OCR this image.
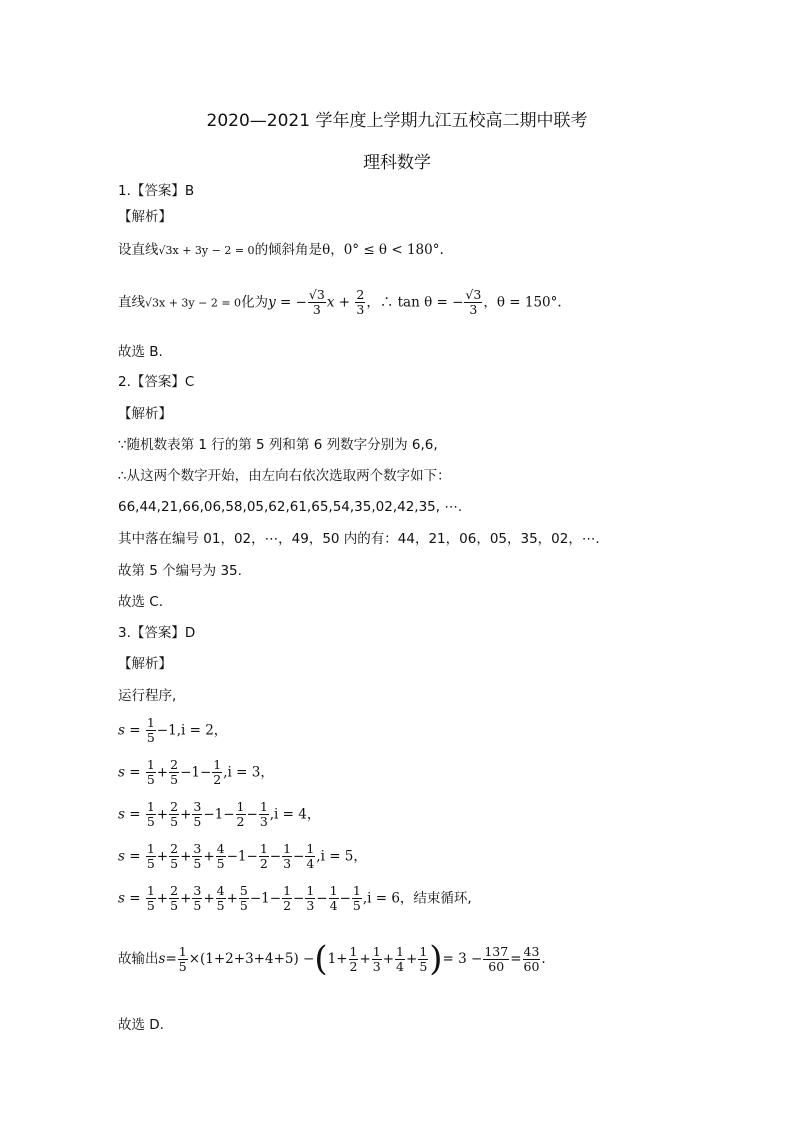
2020—2021 学年度上学期九江五校高二期中联考
理科数学
1.【答案】B
【解析】
设直线√3x + 3y − 2 = 0的倾斜角是θ，0° ≤ θ < 180°.
直线√3x + 3y − 2 = 0化为y = − $\frac{√3}{3}$ $x + \frac{2}{3}$ ，∴ tan θ = − $\frac{√3}{3}$ ，θ = 150°.
故选 B.
2.【答案】C
【解析】
∵随机数表第 1 行的第 5 列和第 6 列数字分别为 6,6,
∴从这两个数字开始，由左向右依次选取两个数字如下：
66,44,21,66,06,58,05,62,61,65,54,35,02,42,35, ⋯.
其中落在编号 01，02，⋯，49，50 内的有：44，21，06，05，35，02，⋯.
故第 5 个编号为 35.
故选 C.
3.【答案】D
【解析】
运行程序,
$s = \frac{1}{5} -1,i = 2$，
$s = \frac{1}{5} + \frac{2}{5} -1- \frac{1}{2} ,i = 3$，
$s = \frac{1}{5} + \frac{2}{5} + \frac{3}{5} -1- \frac{1}{2} - \frac{1}{3} ,i = 4$，
$s = \frac{1}{5} + \frac{2}{5} + \frac{3}{5} + \frac{4}{5} -1- \frac{1}{2} - \frac{1}{3} - \frac{1}{4} ,i = 5$，
$s = \frac{1}{5} + \frac{2}{5} + \frac{3}{5} + \frac{4}{5} + \frac{5}{5} -1- \frac{1}{2} - \frac{1}{3} - \frac{1}{4} - \frac{1}{5} ,i = 6$，结束循环,
故输出$s= \frac{1}{5} \times(1+2+3+4+5) -(1+ \frac{1}{2} + \frac{1}{3} + \frac{1}{4} + \frac{1}{5}$ )= $3 - \frac{137}{60} = \frac{43}{60}$ .
故选 D.
